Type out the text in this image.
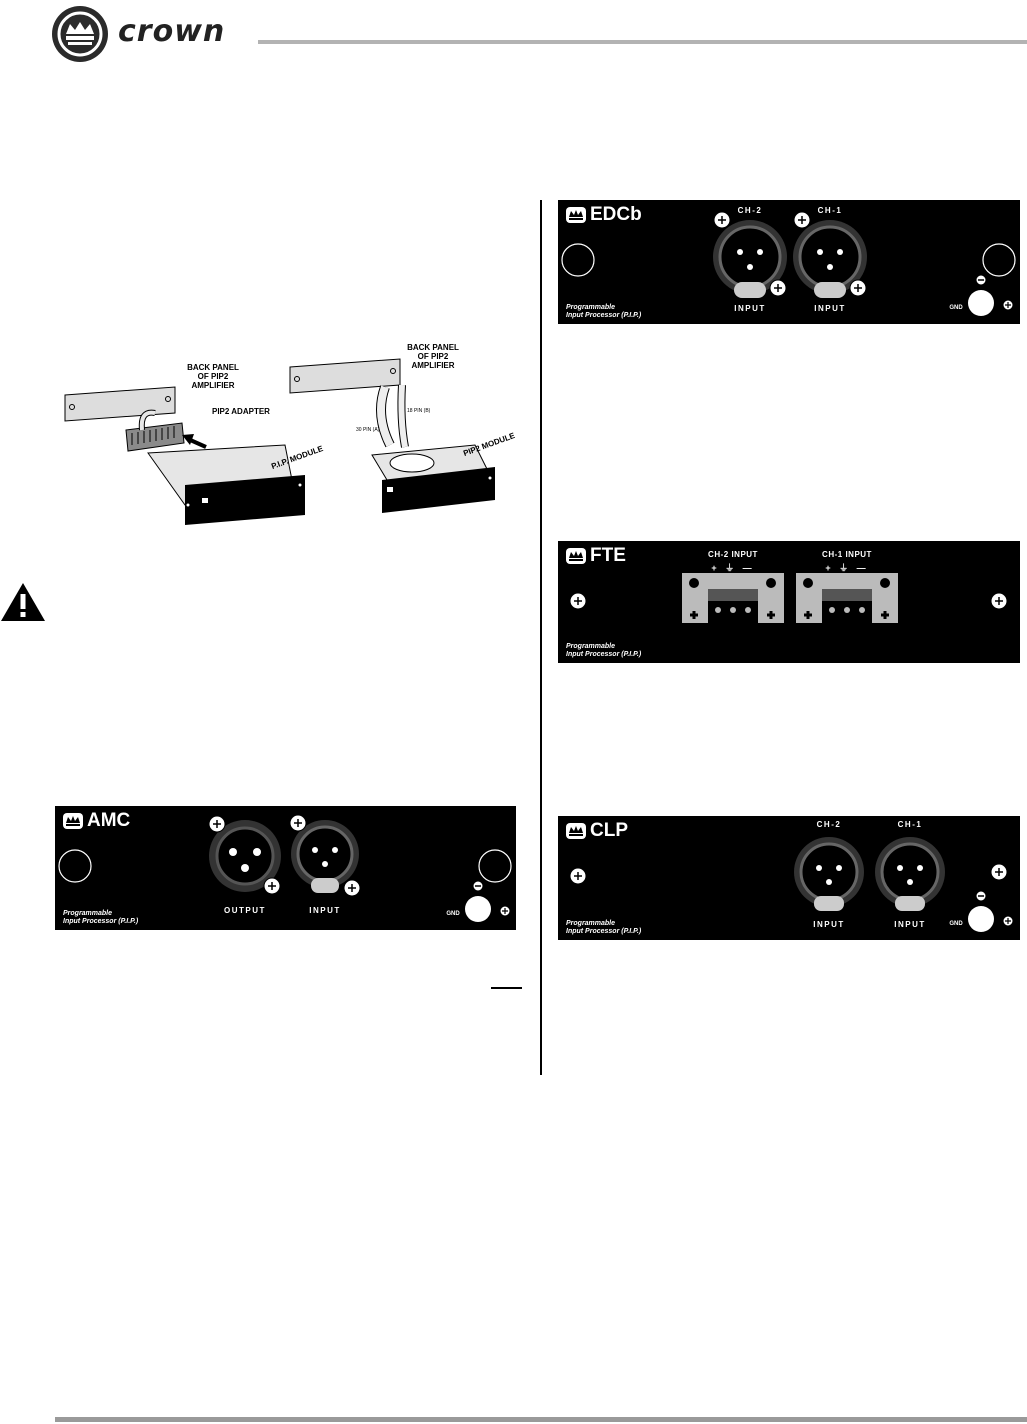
crown
BACK PANEL
OF PIP2
AMPLIFIER
BACK PANEL
OF PIP2
AMPLIFIER
PIP2 ADAPTER
P.I.P. MODULE	PIP2 MODULE
18 PIN (B)
30 PIN (A)
EDCb
Programmable
Input Processor (P.I.P.)
CH-2	CH-1
INPUT	INPUT	GND
FTE
Programmable
Input Processor (P.I.P.)
CH-2 INPUT	CH-1 INPUT
+ ⏚ —	+ ⏚ —
AMC
Programmable
Input Processor (P.I.P.)
OUTPUT	INPUT	GND
CLP
Programmable
Input Processor (P.I.P.)
CH-2	CH-1
INPUT	INPUT	GND
